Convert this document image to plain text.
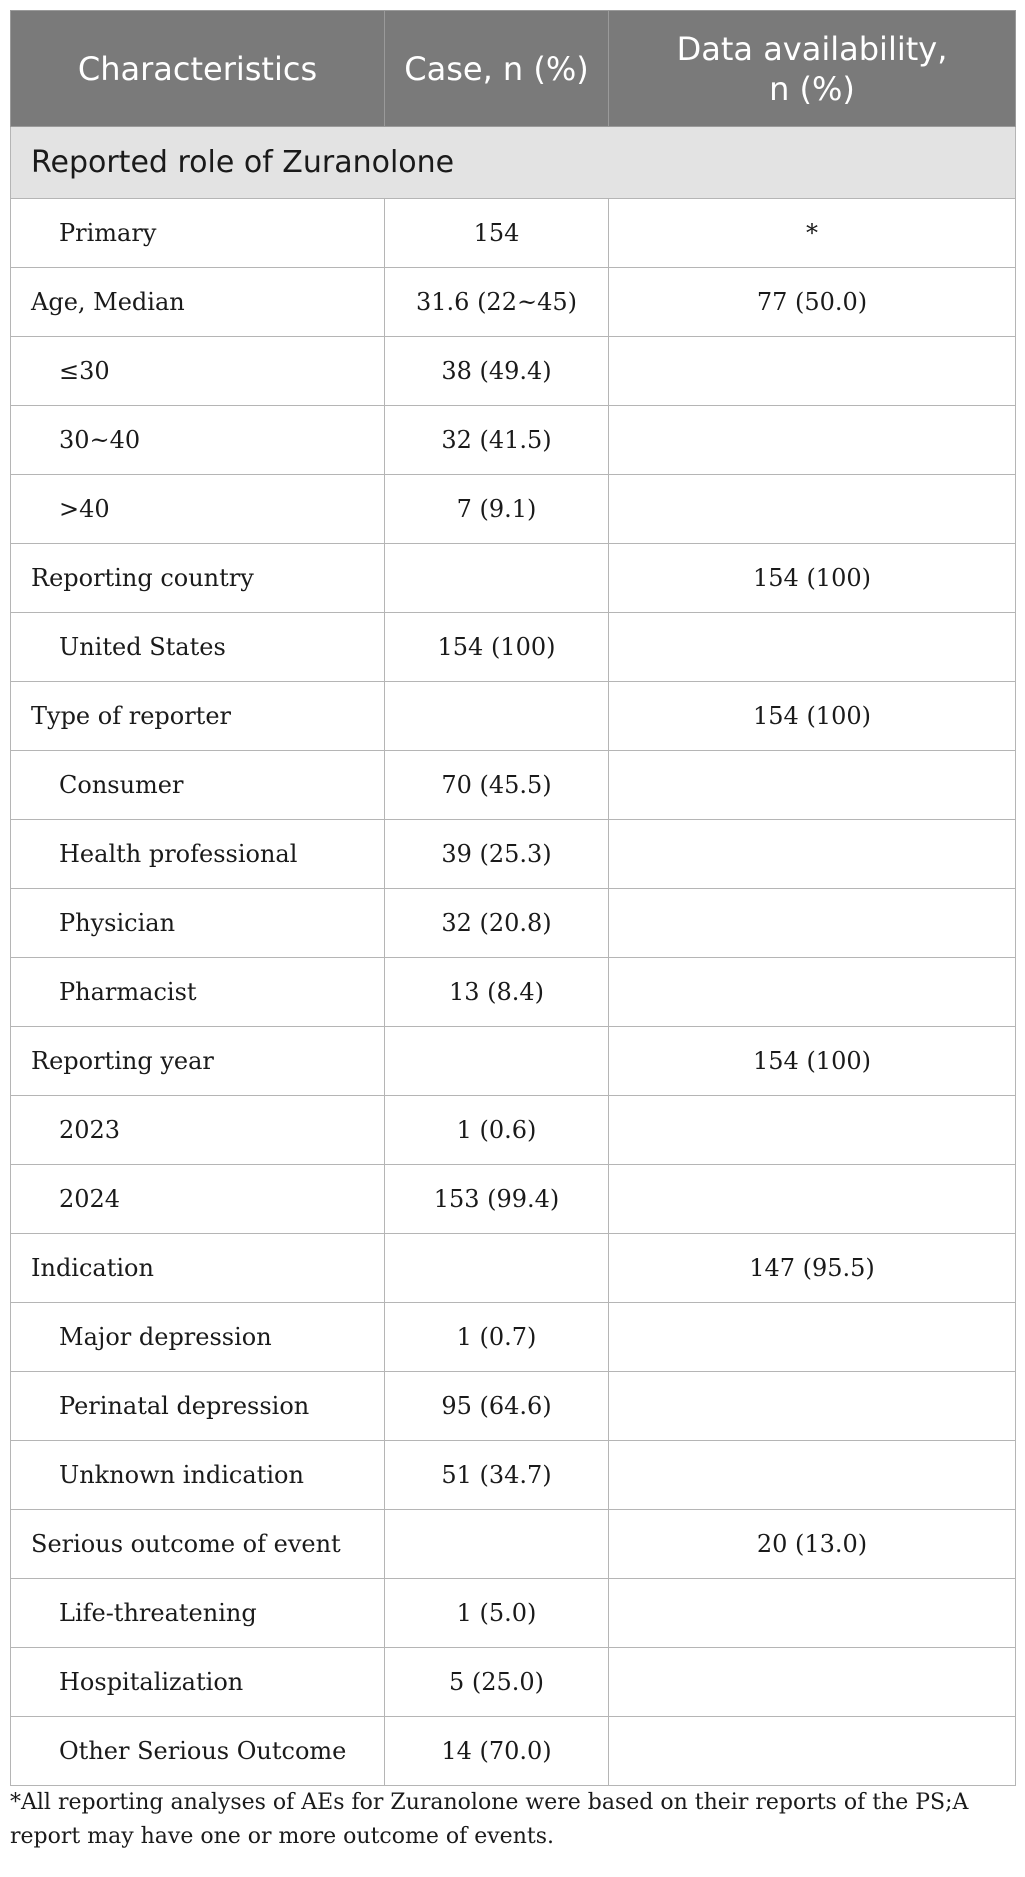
Characteristics	Case, n (%)	Data availability,
n (%)
Reported role of Zuranolone		
Primary	154	*
Age, Median	31.6 (22~45)	77 (50.0)
≤30	38 (49.4)	
30~40	32 (41.5)	
>40	7 (9.1)	
Reporting country		154 (100)
United States	154 (100)	
Type of reporter		154 (100)
Consumer	70 (45.5)	
Health professional	39 (25.3)	
Physician	32 (20.8)	
Pharmacist	13 (8.4)	
Reporting year		154 (100)
2023	1 (0.6)	
2024	153 (99.4)	
Indication		147 (95.5)
Major depression	1 (0.7)	
Perinatal depression	95 (64.6)	
Unknown indication	51 (34.7)	
Serious outcome of event		20 (13.0)
Life-threatening	1 (5.0)	
Hospitalization	5 (25.0)	
Other Serious Outcome	14 (70.0)	
*All reporting analyses of AEs for Zuranolone were based on their reports of the PS;A report may have one or more outcome of events.
